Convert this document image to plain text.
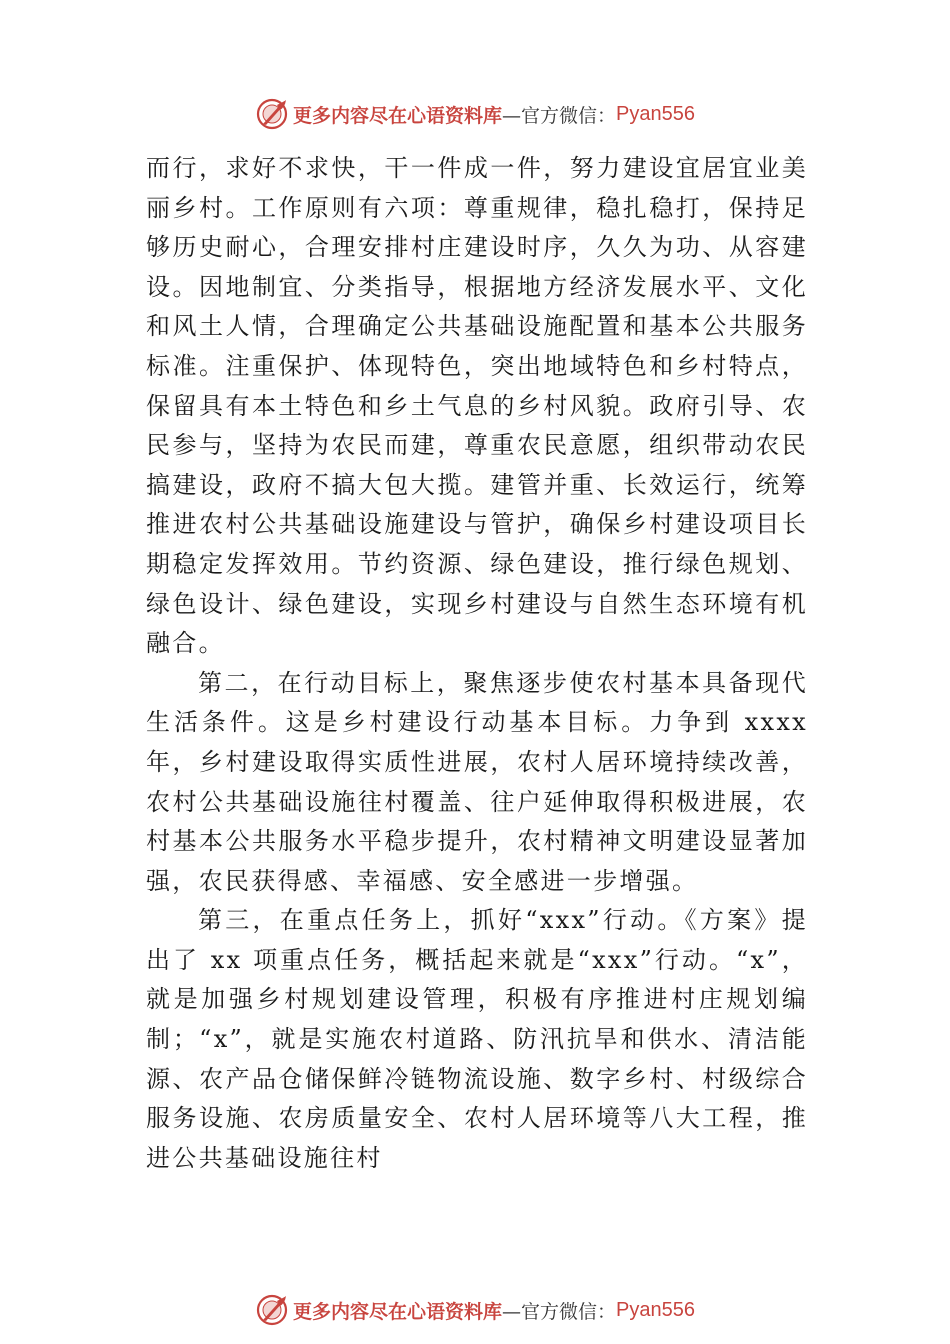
更多内容尽在心语资料库 —官方微信： Pyan556

而行，求好不求快，干一件成一件，努力建设宜居宜业美丽乡村。工作原则有六项：尊重规律，稳扎稳打，保持足够历史耐心，合理安排村庄建设时序，久久为功、从容建设。因地制宜、分类指导，根据地方经济发展水平、文化和风土人情，合理确定公共基础设施配置和基本公共服务标准。注重保护、体现特色，突出地域特色和乡村特点，保留具有本土特色和乡土气息的乡村风貌。政府引导、农民参与，坚持为农民而建，尊重农民意愿，组织带动农民搞建设，政府不搞大包大揽。建管并重、长效运行，统筹推进农村公共基础设施建设与管护，确保乡村建设项目长期稳定发挥效用。节约资源、绿色建设，推行绿色规划、绿色设计、绿色建设，实现乡村建设与自然生态环境有机融合。

第二，在行动目标上，聚焦逐步使农村基本具备现代生活条件。这是乡村建设行动基本目标。力争到 xxxx 年，乡村建设取得实质性进展，农村人居环境持续改善，农村公共基础设施往村覆盖、往户延伸取得积极进展，农村基本公共服务水平稳步提升，农村精神文明建设显著加强，农民获得感、幸福感、安全感进一步增强。

第三，在重点任务上，抓好“xxx”行动。《方案》提出了 xx 项重点任务，概括起来就是“xxx”行动。“x”，就是加强乡村规划建设管理，积极有序推进村庄规划编制；“x”，就是实施农村道路、防汛抗旱和供水、清洁能源、农产品仓储保鲜冷链物流设施、数字乡村、村级综合服务设施、农房质量安全、农村人居环境等八大工程，推进公共基础设施往村

更多内容尽在心语资料库 —官方微信： Pyan556
